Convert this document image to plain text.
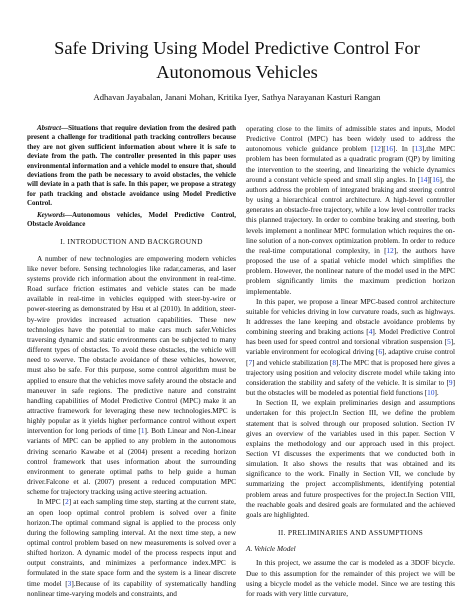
Safe Driving Using Model Predictive Control For Autonomous Vehicles
Adhavan Jayabalan, Janani Mohan, Kritika Iyer, Sathya Narayanan Kasturi Rangan

Abstract—Situations that require deviation from the desired path present a challenge for traditional path tracking controllers because they are not given sufficient information about where it is safe to deviate from the path. The controller presented in this paper uses environmental information and a vehicle model to ensure that, should deviations from the path be necessary to avoid obstacles, the vehicle will deviate in a path that is safe. In this paper, we propose a strategy for path tracking and obstacle avoidance using Model Predictive Control.

Keywords—Autonomous vehicles, Model Predictive Control, Obstacle Avoidance

I. INTRODUCTION AND BACKGROUND

A number of new technologies are empowering modern vehicles like never before. Sensing technologies like radar,cameras, and laser systems provide rich information about the environment in real-time. Road surface friction estimates and vehicle states can be made available in real-time in vehicles equipped with steer-by-wire or power-steering as demonstrated by Hsu et al (2010). In addition, steer-by-wire provides increased actuation capabilities. These new technologies have the potential to make cars much safer.Vehicles traversing dynamic and static environments can be subjected to many different types of obstacles. To avoid these obstacles, the vehicle will need to swerve. The obstacle avoidance of these vehicles, however, must also be safe. For this purpose, some control algorithm must be applied to ensure that the vehicles move safely around the obstacle and maneuver in safe regions. The predictive nature and constraint handling capabilities of Model Predictive Control (MPC) make it an attractive framework for leveraging these new technologies.MPC is highly popular as it yields higher performance control without expert intervention for long periods of time [1]. Both Linear and Non-Linear variants of MPC can be applied to any problem in the autonomous driving scenario Kawabe et al (2004) present a receding horizon control framework that uses information about the surrounding environment to generate optimal paths to help guide a human driver.Falcone et al. (2007) present a reduced computation MPC scheme for trajectory tracking using active steering actuation.

In MPC [2] at each sampling time step, starting at the current state, an open loop optimal control problem is solved over a finite horizon.The optimal command signal is applied to the process only during the following sampling interval. At the next time step, a new optimal control problem based on new measurements is solved over a shifted horizon. A dynamic model of the process respects input and output constraints, and minimizes a performance index.MPC is formulated in the state space form and the system is a linear discrete time model [3].Because of its capability of systematically handling nonlinear time-varying models and constraints, and

operating close to the limits of admissible states and inputs, Model Predictive Control (MPC) has been widely used to address the autonomous vehicle guidance problem [12][16]. In [13],the MPC problem has been formulated as a quadratic program (QP) by limiting the intervention to the steering, and linearizing the vehicle dynamics around a constant vehicle speed and small slip angles. In [14][16], the authors address the problem of integrated braking and steering control by using a hierarchical control architecture. A high-level controller generates an obstacle-free trajectory, while a low level controller tracks this planned trajectory. In order to combine braking and steering, both levels implement a nonlinear MPC formulation which requires the on-line solution of a non-convex optimization problem. In order to reduce the real-time computational complexity, in [12], the authors have proposed the use of a spatial vehicle model which simplifies the problem. However, the nonlinear nature of the model used in the MPC problem significantly limits the maximum prediction horizon implementable.

In this paper, we propose a linear MPC-based control architecture suitable for vehicles driving in low curvature roads, such as highways. It addresses the lane keeping and obstacle avoidance problems by combining steering and braking actions [4]. Model Predictive Control has been used for speed control and torsional vibration suspension [5], variable environment for ecological driving [6], adaptive cruise control [7] and vehicle stabilization [8].The MPC that is proposed here gives a trajectory using position and velocity discrete model while taking into consideration the stability and safety of the vehicle. It is similar to [9] but the obstacles will be modeled as potential field functions [10].

In Section II, we explain preliminaries design and assumptions undertaken for this project.In Section III, we define the problem statement that is solved through our proposed solution. Section IV gives an overview of the variables used in this paper. Section V explains the methodology and our approach used in this project. Section VI discusses the experiments that we conducted both in simulation. It also shows the results that was obtained and its significance to the work. Finally in Section VII, we conclude by summarizing the project accomplishments, identifying potential problem areas and future prospectives for the project.In Section VIII, the reachable goals and desired goals are formulated and the achieved goals are highlighted.

II. PRELIMINARIES AND ASSUMPTIONS

A. Vehicle Model

In this project, we assume the car is modeled as a 3DOF bicycle. Due to this assumption for the remainder of this project we will be using a bicycle model as the vehicle model. Since we are testing this for roads with very little curvature,
